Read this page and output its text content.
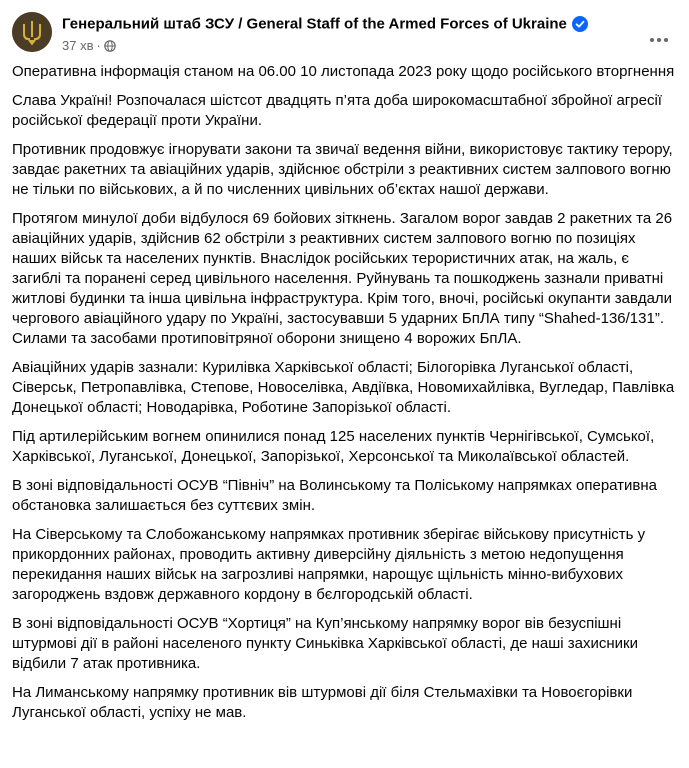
Генеральний штаб ЗСУ / General Staff of the Armed Forces of Ukraine
37 хв ·

Оперативна інформація станом на 06.00 10 листопада 2023 року щодо російського вторгнення

Слава Україні! Розпочалася шістсот двадцять п’ята доба широкомасштабної збройної агресії російської федерації проти України.

Противник продовжує ігнорувати закони та звичаї ведення війни, використовує тактику терору, завдає ракетних та авіаційних ударів, здійснює обстріли з реактивних систем залпового вогню не тільки по військових, а й по численних цивільних об’єктах нашої держави.

Протягом минулої доби відбулося 69 бойових зіткнень. Загалом ворог завдав 2 ракетних та 26 авіаційних ударів, здійснив 62 обстріли з реактивних систем залпового вогню по позиціях наших військ та населених пунктів. Внаслідок російських терористичних атак, на жаль, є загиблі та поранені серед цивільного населення. Руйнувань та пошкоджень зазнали приватні житлові будинки та інша цивільна інфраструктура. Крім того, вночі, російські окупанти завдали чергового авіаційного удару по Україні, застосувавши 5 ударних БпЛА типу “Shahed-136/131”. Силами та засобами протиповітряної оборони знищено 4 ворожих БпЛА.

Авіаційних ударів зазнали: Курилівка Харківської області; Білогорівка Луганської області, Сіверськ, Петропавлівка, Степове, Новоселівка, Авдіївка, Новомихайлівка, Вугледар, Павлівка Донецької області; Новодарівка, Роботине Запорізької області.

Під артилерійським вогнем опинилися понад 125 населених пунктів Чернігівської, Сумської, Харківської, Луганської, Донецької, Запорізької, Херсонської та Миколаївської областей.

В зоні відповідальності ОСУВ “Північ” на Волинському та Поліському напрямках оперативна обстановка залишається без суттєвих змін.

На Сіверському та Слобожанському напрямках противник зберігає військову присутність у прикордонних районах, проводить активну диверсійну діяльність з метою недопущення перекидання наших військ на загрозливі напрямки, нарощує щільність мінно-вибухових загороджень вздовж державного кордону в бєлгородській області.

В зоні відповідальності ОСУВ “Хортиця” на Куп’янському напрямку ворог вів безуспішні штурмові дії в районі населеного пункту Синьківка Харківської області, де наші захисники відбили 7 атак противника.

На Лиманському напрямку противник вів штурмові дії біля Стельмахівки та Новоєгорівки Луганської області, успіху не мав.
